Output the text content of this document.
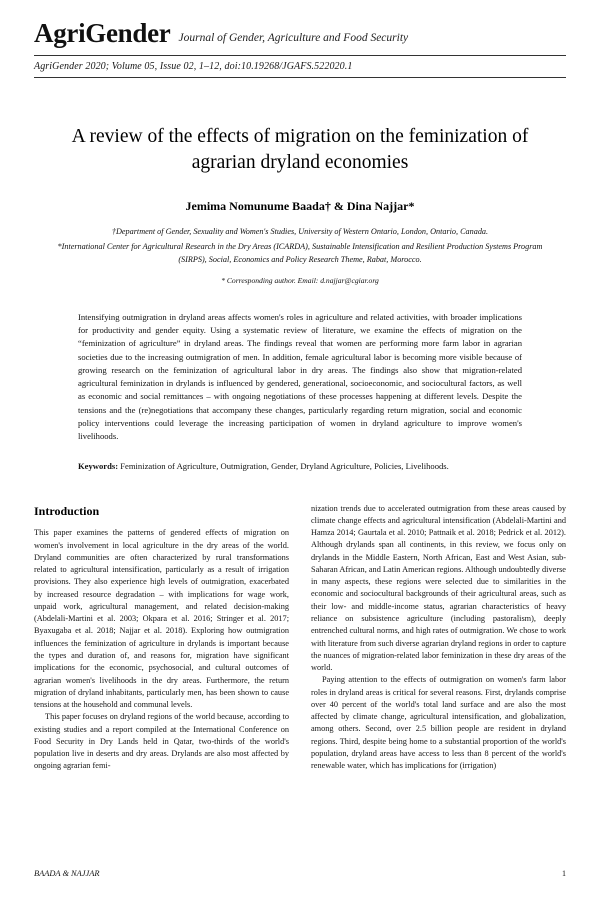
AgriGender Journal of Gender, Agriculture and Food Security
AgriGender 2020; Volume 05, Issue 02, 1–12, doi:10.19268/JGAFS.522020.1
A review of the effects of migration on the feminization of agrarian dryland economies
Jemima Nomunume Baada† & Dina Najjar*
†Department of Gender, Sexuality and Women's Studies, University of Western Ontario, London, Ontario, Canada.
*International Center for Agricultural Research in the Dry Areas (ICARDA), Sustainable Intensification and Resilient Production Systems Program (SIRPS), Social, Economics and Policy Research Theme, Rabat, Morocco.
* Corresponding author. Email: d.najjar@cgiar.org
Intensifying outmigration in dryland areas affects women's roles in agriculture and related activities, with broader implications for productivity and gender equity. Using a systematic review of literature, we examine the effects of migration on the “feminization of agriculture” in dryland areas. The findings reveal that women are performing more farm labor in agrarian societies due to the increasing outmigration of men. In addition, female agricultural labor is becoming more visible because of growing research on the feminization of agricultural labor in dry areas. The findings also show that migration-related agricultural feminization in drylands is influenced by gendered, generational, socioeconomic, and sociocultural factors, as well as economic and social remittances – with ongoing negotiations of these processes happening at different levels. Despite the tensions and the (re)negotiations that accompany these changes, particularly regarding return migration, social and economic policy interventions could leverage the increasing participation of women in dryland agriculture to improve women's livelihoods.
Keywords: Feminization of Agriculture, Outmigration, Gender, Dryland Agriculture, Policies, Livelihoods.
Introduction

This paper examines the patterns of gendered effects of migration on women's involvement in local agriculture in the dry areas of the world. Dryland communities are often characterized by rural transformations related to agricultural intensification, particularly as a result of irrigation provisions. They also experience high levels of outmigration, exacerbated by increased resource degradation – with implications for wage work, unpaid work, agricultural management, and related decision-making (Abdelali-Martini et al. 2003; Okpara et al. 2016; Stringer et al. 2017; Byaxugaba et al. 2018; Najjar et al. 2018). Exploring how outmigration influences the feminization of agriculture in drylands is important because the types and duration of, and reasons for, migration have significant implications for the economic, psychosocial, and cultural outcomes of agrarian women's livelihoods in the dry areas. Furthermore, the return migration of dryland inhabitants, particularly men, has been shown to cause tensions at the household and communal levels.

This paper focuses on dryland regions of the world because, according to existing studies and a report compiled at the International Conference on Food Security in Dry Lands held in Qatar, two-thirds of the world's population live in deserts and dry areas. Drylands are also most affected by ongoing agrarian femi-

nization trends due to accelerated outmigration from these areas caused by climate change effects and agricultural intensification (Abdelali-Martini and Hamza 2014; Gaurtala et al. 2010; Pattnaik et al. 2018; Pedrick et al. 2012). Although drylands span all continents, in this review, we focus only on drylands in the Middle Eastern, North African, East and West Asian, sub-Saharan African, and Latin American regions. Although undoubtedly diverse in many aspects, these regions were selected due to similarities in the economic and sociocultural backgrounds of their agricultural areas, such as their low- and middle-income status, agrarian characteristics of heavy reliance on subsistence agriculture (including pastoralism), deeply entrenched cultural norms, and high rates of outmigration. We chose to work with literature from such diverse agrarian dryland regions in order to capture the nuances of migration-related labor feminization in these dry areas of the world.

Paying attention to the effects of outmigration on women's farm labor roles in dryland areas is critical for several reasons. First, drylands comprise over 40 percent of the world's total land surface and are also the most affected by climate change, agricultural intensification, and globalization, among others. Second, over 2.5 billion people are resident in dryland regions. Third, despite being home to a substantial proportion of the world's population, dryland areas have access to less than 8 percent of the world's renewable water, which has implications for (irrigation)

BAADA & NAJJAR	1
